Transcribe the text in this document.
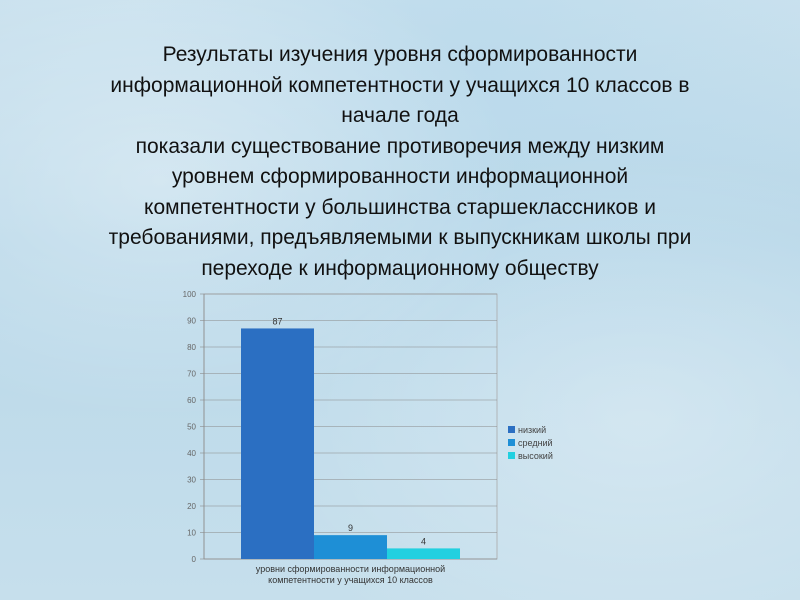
Результаты изучения уровня сформированности
информационной компетентности у учащихся 10 классов в
начале года

показали существование противоречия между низким
уровнем сформированности информационной
компетентности у большинства старшеклассников и
требованиями, предъявляемыми к выпускникам школы при
переходе к информационному обществу

0
10
20
30
40
50
60
70
80
90
100
87
9
4
уровни сформированности информационной
компетентности у учащихся 10 классов
низкий
средний
высокий
